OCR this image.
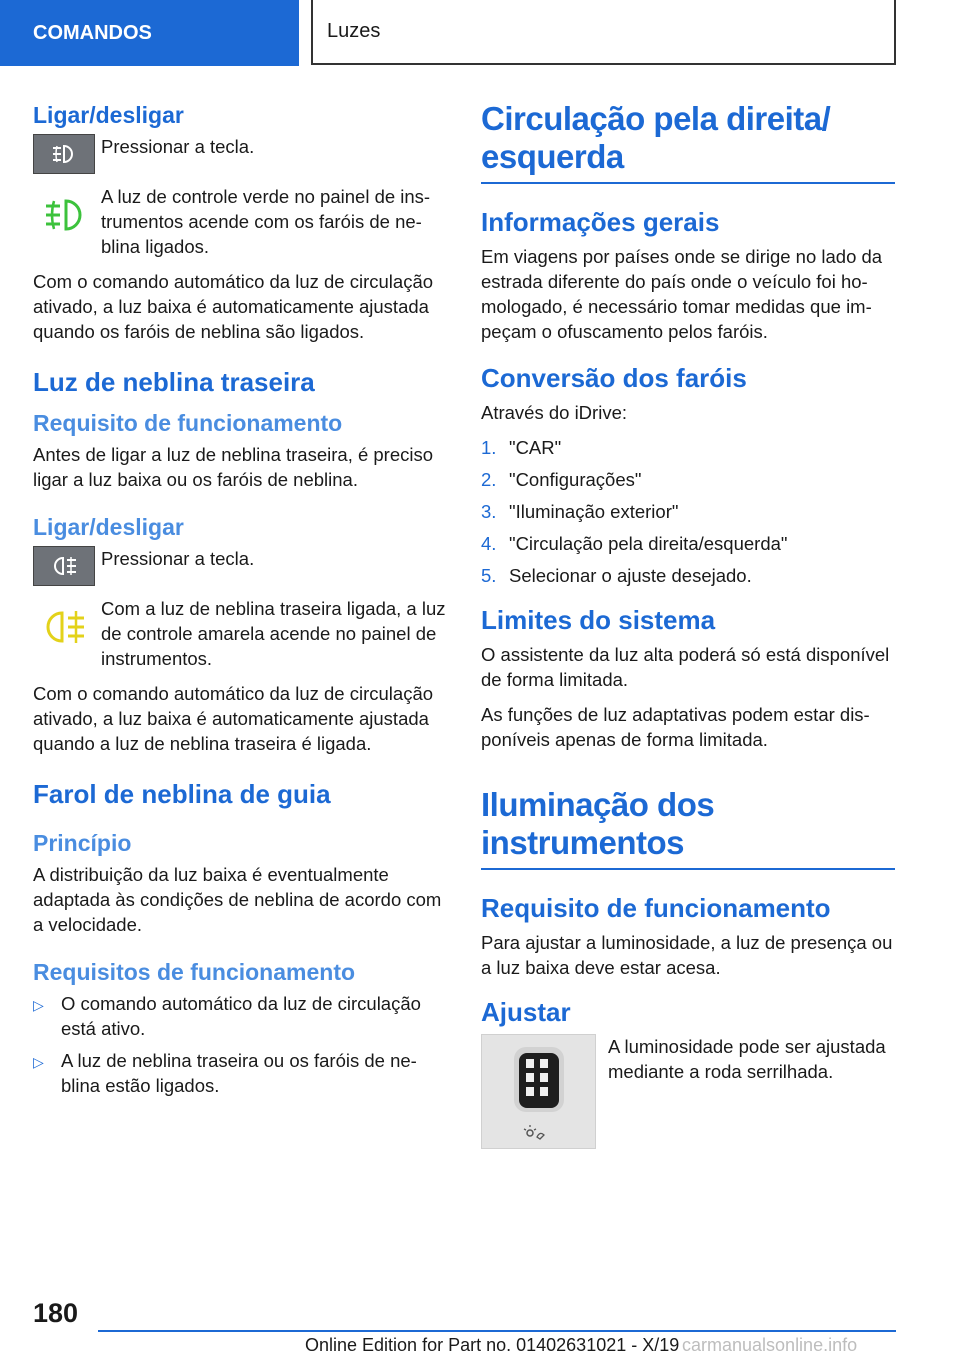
COMANDOS	Luzes
Ligar/desligar
Pressionar a tecla.
A luz de controle verde no painel de ins-trumentos acende com os faróis de ne-blina ligados.

Com o comando automático da luz de circulação ativado, a luz baixa é automaticamente ajustada quando os faróis de neblina são ligados.

Luz de neblina traseira
Requisito de funcionamento

Antes de ligar a luz de neblina traseira, é preciso ligar a luz baixa ou os faróis de neblina.

Ligar/desligar
Pressionar a tecla.
Com a luz de neblina traseira ligada, a luz de controle amarela acende no painel de instrumentos.

Com o comando automático da luz de circulação ativado, a luz baixa é automaticamente ajustada quando a luz de neblina traseira é ligada.

Farol de neblina de guia
Princípio

A distribuição da luz baixa é eventualmente adaptada às condições de neblina de acordo com a velocidade.

Requisitos de funcionamento
▷ O comando automático da luz de circulação está ativo.
▷ A luz de neblina traseira ou os faróis de ne-blina estão ligados.
Circulação pela direita/ esquerda
Informações gerais

Em viagens por países onde se dirige no lado da estrada diferente do país onde o veículo foi ho-mologado, é necessário tomar medidas que im-peçam o ofuscamento pelos faróis.

Conversão dos faróis

Através do iDrive:

1. "CAR"
2. "Configurações"
3. "Iluminação exterior"
4. "Circulação pela direita/esquerda"
5. Selecionar o ajuste desejado.
Limites do sistema

O assistente da luz alta poderá só está disponível de forma limitada.

As funções de luz adaptativas podem estar dis-poníveis apenas de forma limitada.

Iluminação dos instrumentos
Requisito de funcionamento

Para ajustar a luminosidade, a luz de presença ou a luz baixa deve estar acesa.

Ajustar
A luminosidade pode ser ajustada mediante a roda serrilhada.
180
Online Edition for Part no. 01402631021 - X/19 carmanualsonline.info
